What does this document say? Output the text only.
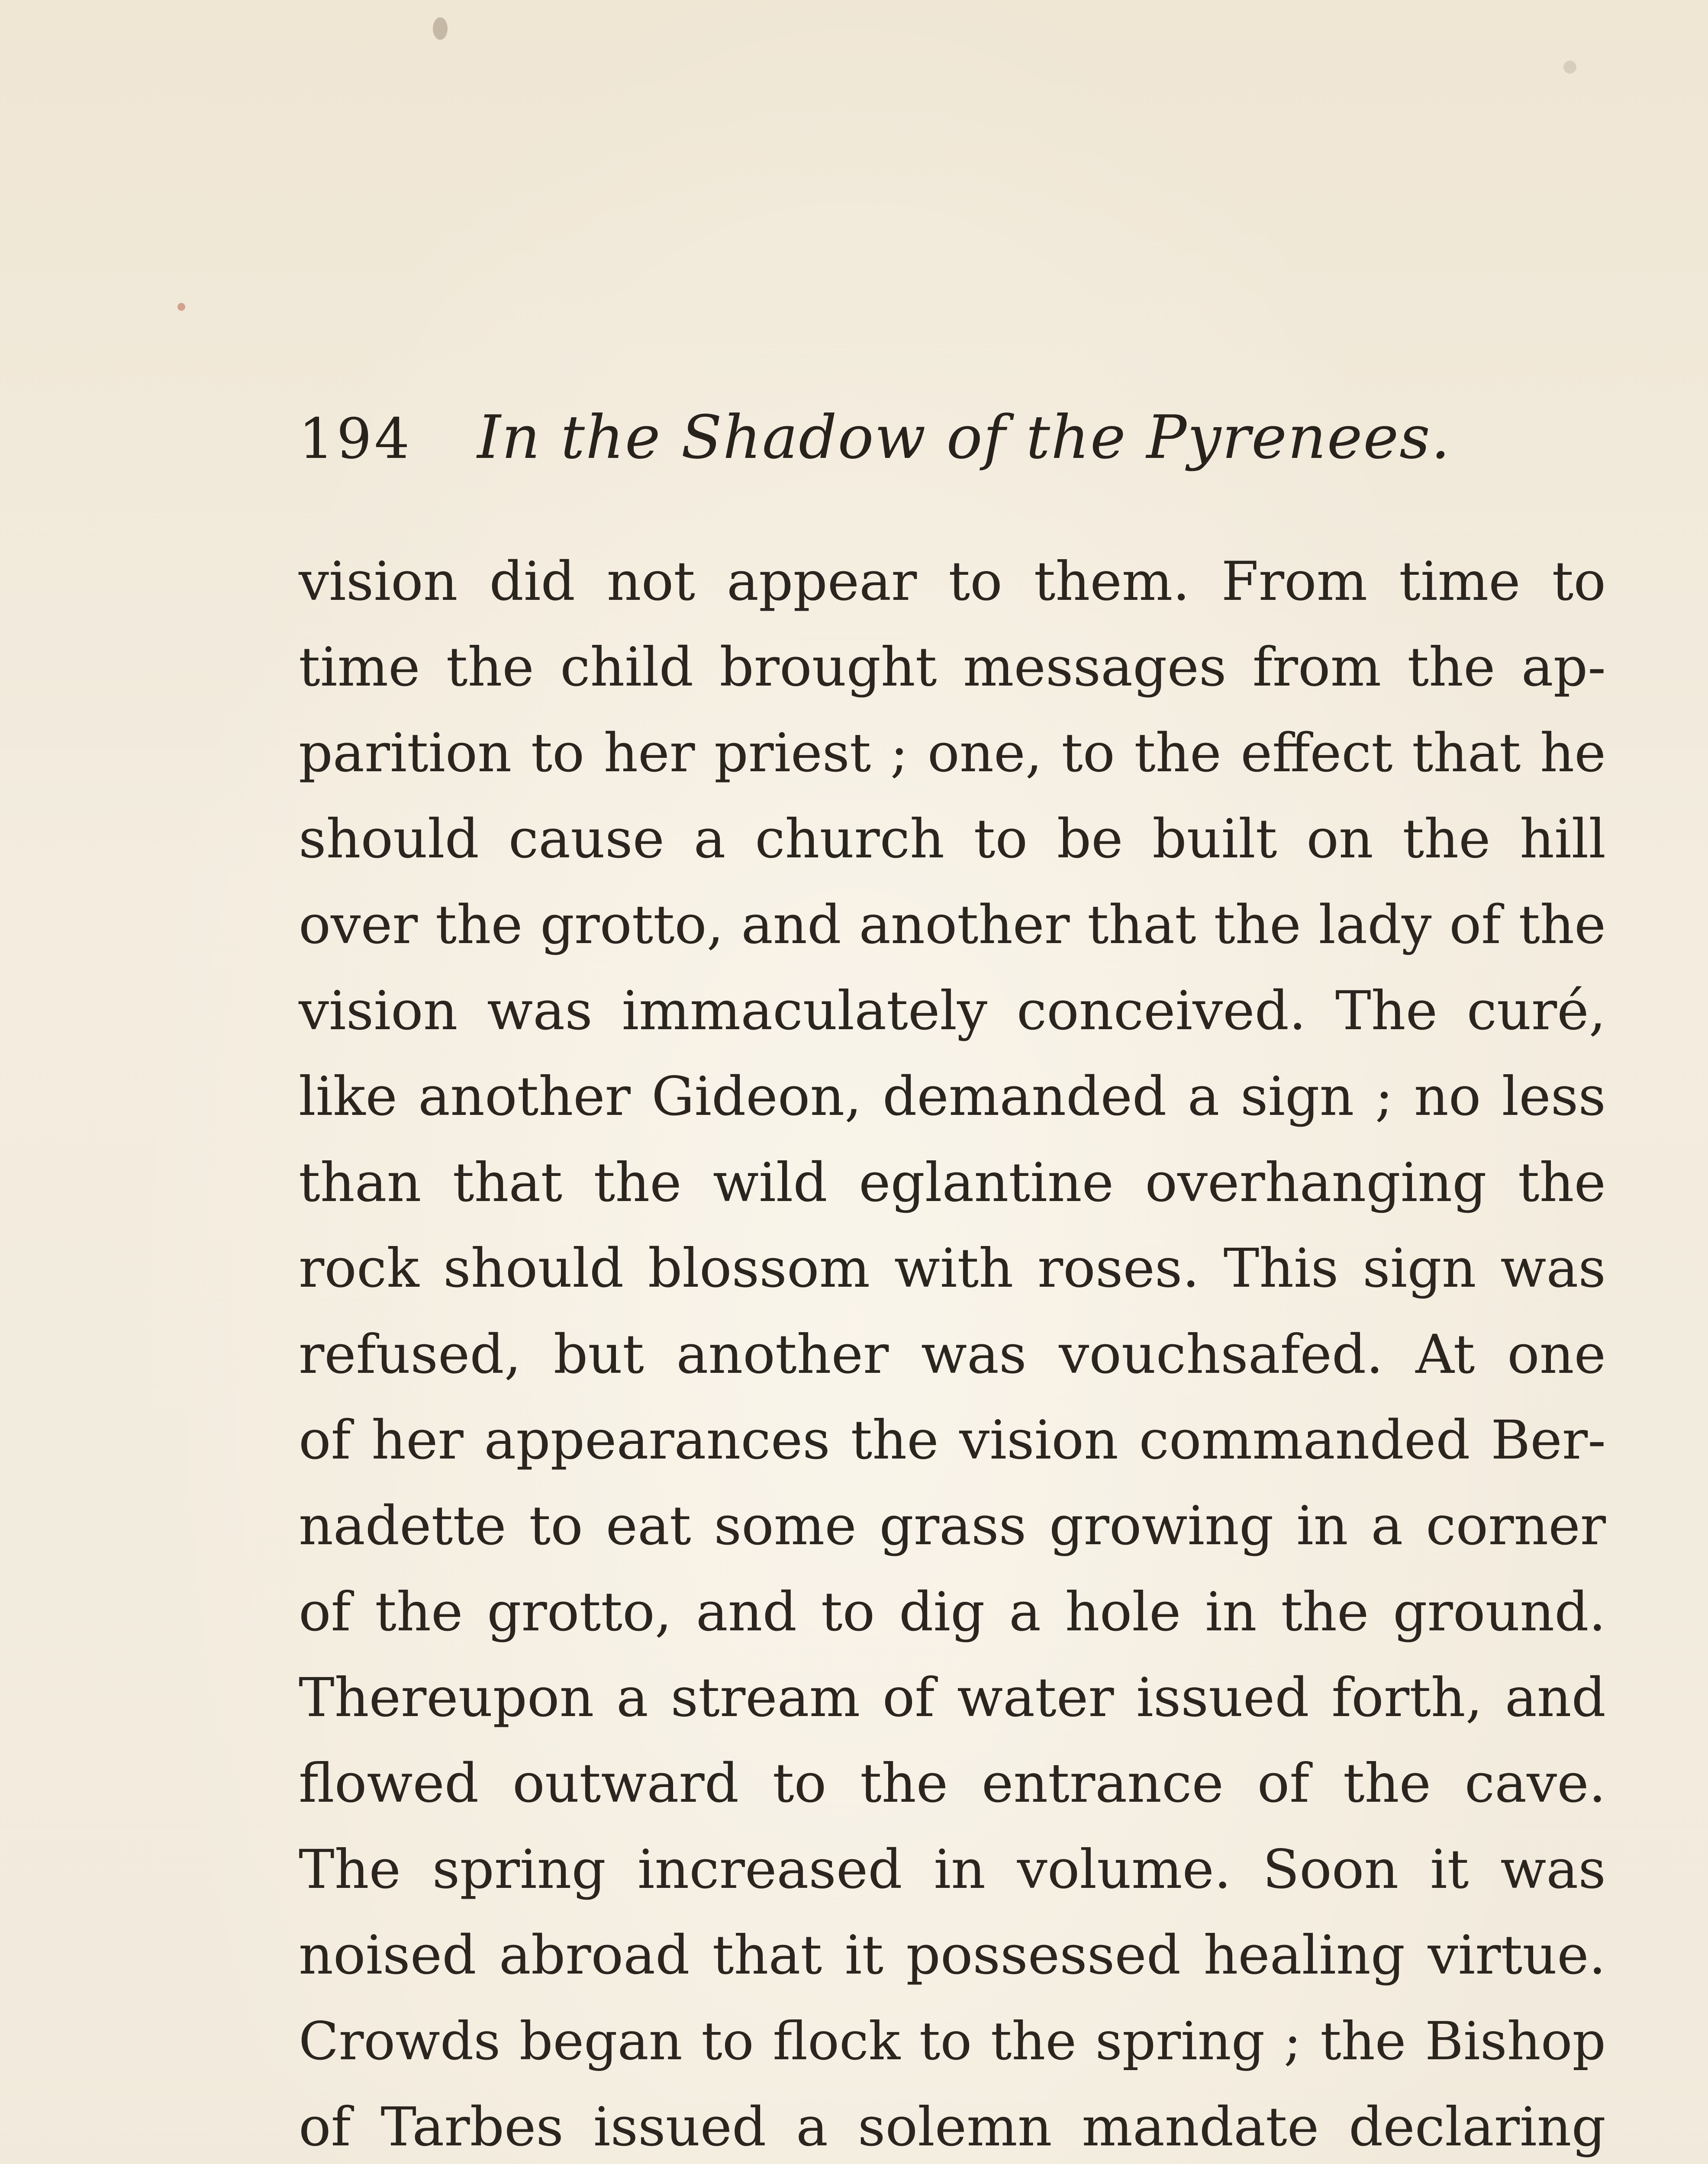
194 In the Shadow of the Pyrenees.
vision did not appear to them. From time to
time the child brought messages from the ap-
parition to her priest ; one, to the effect that he
should cause a church to be built on the hill
over the grotto, and another that the lady of the
vision was immaculately conceived. The curé,
like another Gideon, demanded a sign ; no less
than that the wild eglantine overhanging the
rock should blossom with roses. This sign was
refused, but another was vouchsafed. At one
of her appearances the vision commanded Ber-
nadette to eat some grass growing in a corner
of the grotto, and to dig a hole in the ground.
Thereupon a stream of water issued forth, and
flowed outward to the entrance of the cave.
The spring increased in volume. Soon it was
noised abroad that it possessed healing virtue.
Crowds began to flock to the spring ; the Bishop
of Tarbes issued a solemn mandate declaring
